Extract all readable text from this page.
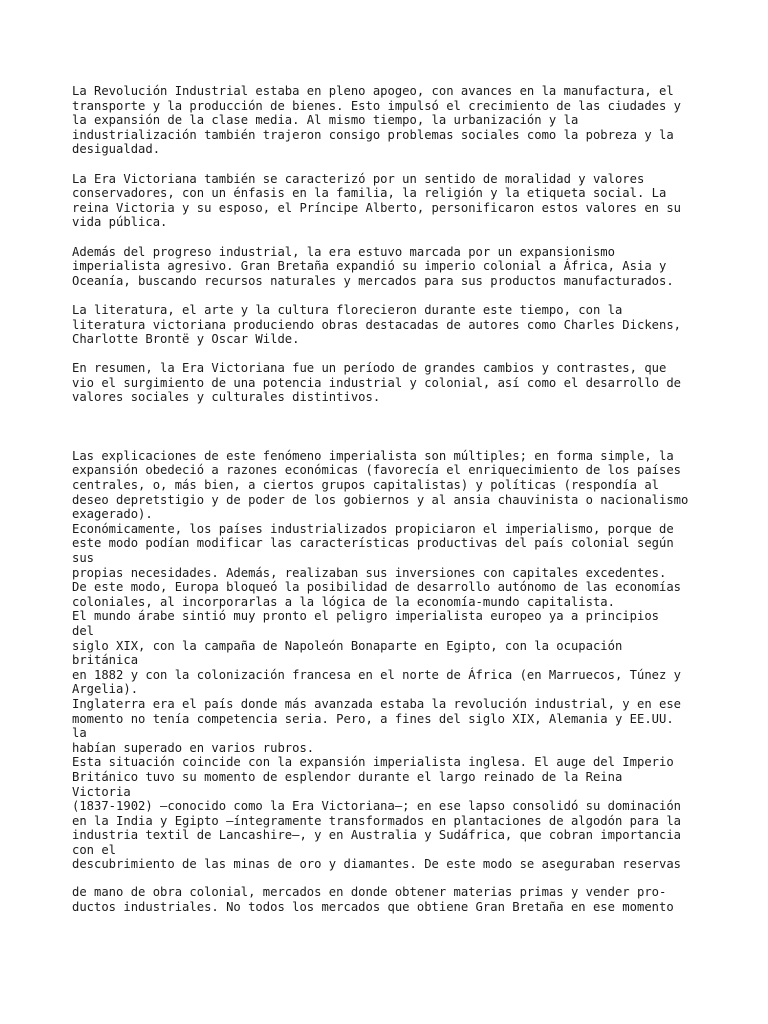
La Revolución Industrial estaba en pleno apogeo, con avances en la manufactura, el
transporte y la producción de bienes. Esto impulsó el crecimiento de las ciudades y
la expansión de la clase media. Al mismo tiempo, la urbanización y la
industrialización también trajeron consigo problemas sociales como la pobreza y la
desigualdad.
La Era Victoriana también se caracterizó por un sentido de moralidad y valores
conservadores, con un énfasis en la familia, la religión y la etiqueta social. La
reina Victoria y su esposo, el Príncipe Alberto, personificaron estos valores en su
vida pública.
Además del progreso industrial, la era estuvo marcada por un expansionismo
imperialista agresivo. Gran Bretaña expandió su imperio colonial a África, Asia y
Oceanía, buscando recursos naturales y mercados para sus productos manufacturados.
La literatura, el arte y la cultura florecieron durante este tiempo, con la
literatura victoriana produciendo obras destacadas de autores como Charles Dickens,
Charlotte Brontë y Oscar Wilde.
En resumen, la Era Victoriana fue un período de grandes cambios y contrastes, que
vio el surgimiento de una potencia industrial y colonial, así como el desarrollo de
valores sociales y culturales distintivos.
Las explicaciones de este fenómeno imperialista son múltiples; en forma simple, la
expansión obedeció a razones económicas (favorecía el enriquecimiento de los países
centrales, o, más bien, a ciertos grupos capitalistas) y políticas (respondía al
deseo depretstigio y de poder de los gobiernos y al ansia chauvinista o nacionalismo
exagerado).
Económicamente, los países industrializados propiciaron el imperialismo, porque de
este modo podían modificar las características productivas del país colonial según
sus
propias necesidades. Además, realizaban sus inversiones con capitales excedentes.
De este modo, Europa bloqueó la posibilidad de desarrollo autónomo de las economías
coloniales, al incorporarlas a la lógica de la economía-mundo capitalista.
El mundo árabe sintió muy pronto el peligro imperialista europeo ya a principios
del
siglo XIX, con la campaña de Napoleón Bonaparte en Egipto, con la ocupación
británica
en 1882 y con la colonización francesa en el norte de África (en Marruecos, Túnez y
Argelia).
Inglaterra era el país donde más avanzada estaba la revolución industrial, y en ese
momento no tenía competencia seria. Pero, a fines del siglo XIX, Alemania y EE.UU.
la
habían superado en varios rubros.
Esta situación coincide con la expansión imperialista inglesa. El auge del Imperio
Británico tuvo su momento de esplendor durante el largo reinado de la Reina
Victoria
(1837-1902) –conocido como la Era Victoriana–; en ese lapso consolidó su dominación
en la India y Egipto –íntegramente transformados en plantaciones de algodón para la
industria textil de Lancashire–, y en Australia y Sudáfrica, que cobran importancia
con el
descubrimiento de las minas de oro y diamantes. De este modo se aseguraban reservas
de mano de obra colonial, mercados en donde obtener materias primas y vender pro-
ductos industriales. No todos los mercados que obtiene Gran Bretaña en ese momento
